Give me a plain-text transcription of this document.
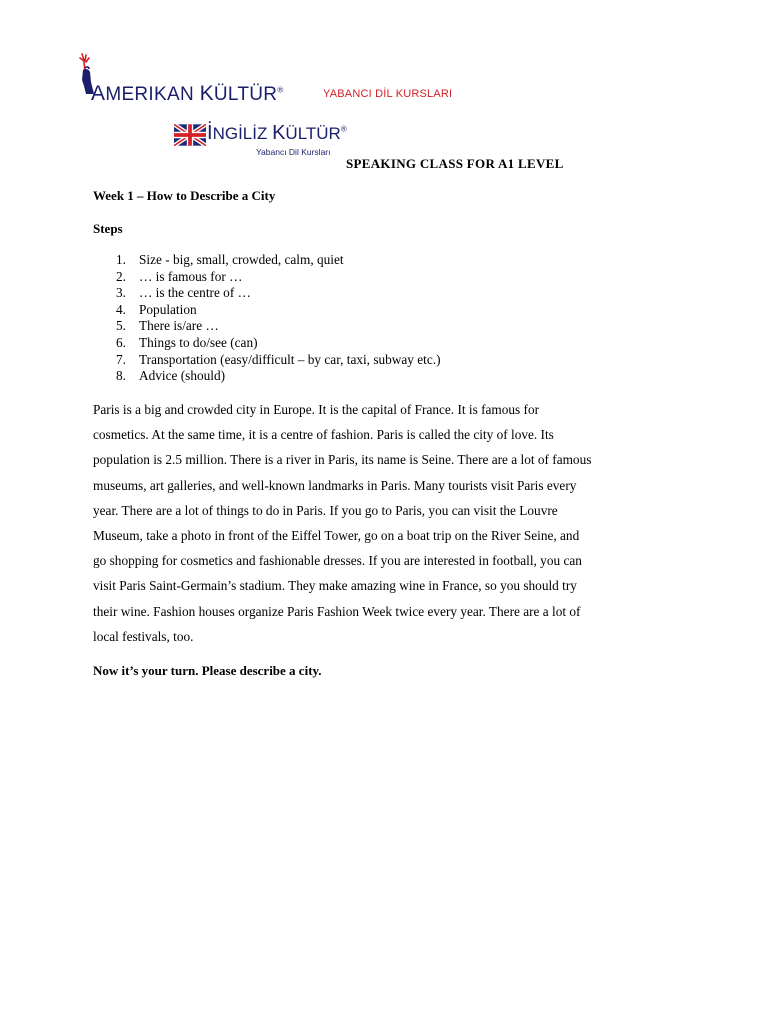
AMERIKAN KÜLTÜR®	YABANCI DİL KURSLARI
İNGİLİZ KÜLTÜR®
Yabancı Dil Kursları
SPEAKING CLASS FOR A1 LEVEL
Week 1 – How to Describe a City
Steps
1. Size - big, small, crowded, calm, quiet
2. … is famous for …
3. … is the centre of …
4. Population
5. There is/are …
6. Things to do/see (can)
7. Transportation (easy/difficult – by car, taxi, subway etc.)
8. Advice (should)

Paris is a big and crowded city in Europe. It is the capital of France. It is famous for
cosmetics. At the same time, it is a centre of fashion. Paris is called the city of love. Its
population is 2.5 million. There is a river in Paris, its name is Seine. There are a lot of famous
museums, art galleries, and well-known landmarks in Paris. Many tourists visit Paris every
year. There are a lot of things to do in Paris. If you go to Paris, you can visit the Louvre
Museum, take a photo in front of the Eiffel Tower, go on a boat trip on the River Seine, and
go shopping for cosmetics and fashionable dresses. If you are interested in football, you can
visit Paris Saint-Germain’s stadium. They make amazing wine in France, so you should try
their wine. Fashion houses organize Paris Fashion Week twice every year. There are a lot of
local festivals, too.

Now it’s your turn. Please describe a city.
